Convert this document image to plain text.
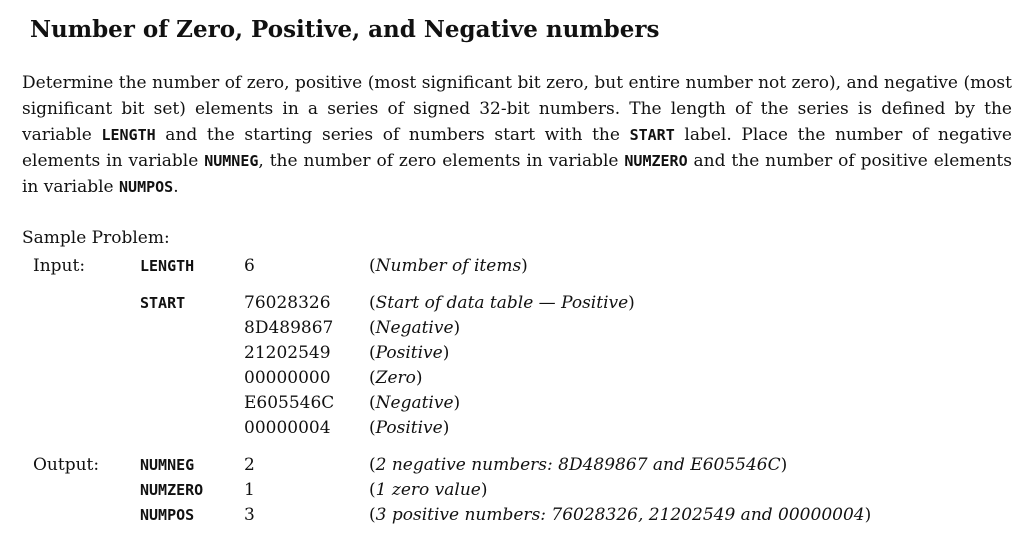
Number of Zero, Positive, and Negative numbers

Determine the number of zero, positive (most significant bit zero, but entire number not zero), and negative (most significant bit set) elements in a series of signed 32-bit numbers. The length of the series is defined by the variable LENGTH and the starting series of numbers start with the START label. Place the number of negative elements in variable NUMNEG, the number of zero elements in variable NUMZERO and the number of positive elements in variable NUMPOS.

Sample Problem:

Input:	LENGTH	6	(Number of items)
START	76028326 (Start of data table — Positive)
8D489867 (Negative)
21202549 (Positive)
00000000 (Zero)
E605546C (Negative)
00000004 (Positive)
Output:	NUMNEG	2	(2 negative numbers: 8D489867 and E605546C)
NUMZERO 1	(1 zero value)
NUMPOS	3	(3 positive numbers: 76028326, 21202549 and 00000004)
